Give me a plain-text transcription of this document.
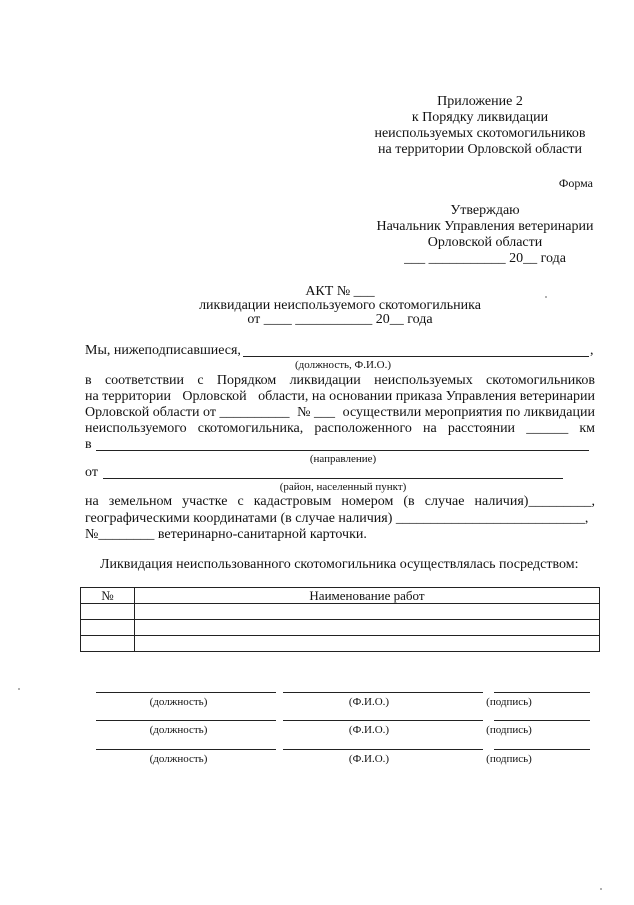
Приложение 2
к Порядку ликвидации
неиспользуемых скотомогильников
на территории Орловской области
Форма
Утверждаю
Начальник Управления ветеринарии
Орловской области
___ ___________ 20__ года
АКТ № ___
ликвидации неиспользуемого скотомогильника
от ____ ___________ 20__ года
Мы, нижеподписавшиеся,	,
(должность, Ф.И.О.)
в соответствии с Порядком ликвидации неиспользуемых скотомогильников
на территории Орловской области, на основании приказа Управления ветеринарии
Орловской области от __________ № ___ осуществили мероприятия по ликвидации
неиспользуемого скотомогильника, расположенного на расстоянии ______ км
в
(направление)
от
(район, населенный пункт)
на земельном участке с кадастровым номером (в случае наличия)_________,
географическими координатами (в случае наличия) ___________________________,
№________ ветеринарно-санитарной карточки.
Ликвидация неиспользованного скотомогильника осуществлялась посредством:
№	Наименование работ

(должность)	(Ф.И.О.)	(подпись)
(должность)	(Ф.И.О.)	(подпись)
(должность)	(Ф.И.О.)	(подпись)
